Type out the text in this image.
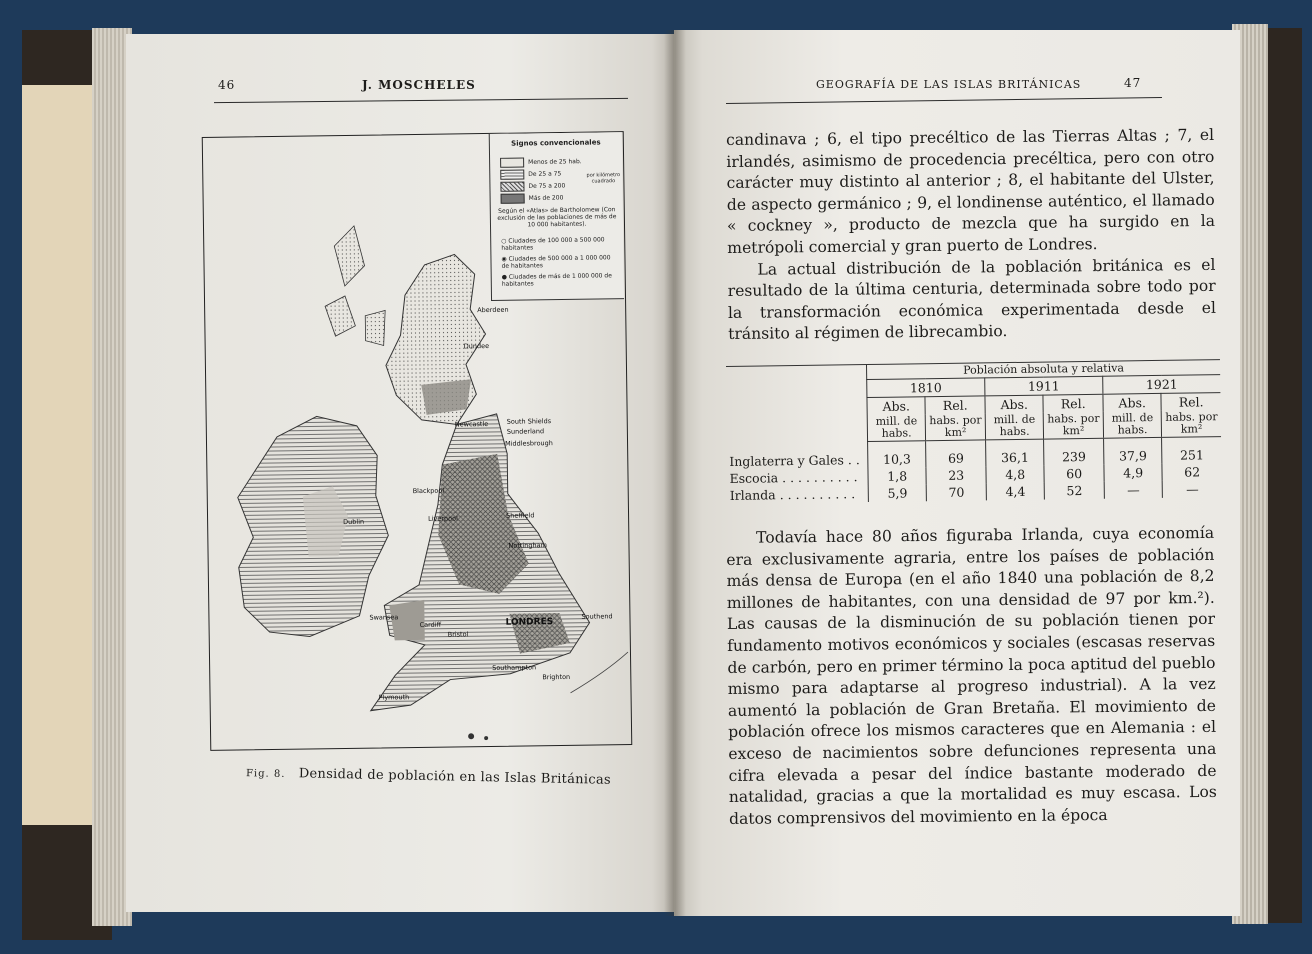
46	J. MOSCHELES
Signos convencionales
Menos de 25 hab.
De 25 a 75
De 75 a 200
Más de 200
por kilómetro cuadrado
Según el «Atlas» de Bartholomew (Con exclusión de las poblaciones de más de 10 000 habitantes).
○ Ciudades de 100 000 a 500 000 habitantes
◉ Ciudades de 500 000 a 1 000 000 de habitantes
● Ciudades de más de 1 000 000 de habitantes
Aberdeen
Dundee
Newcastle	South Shields
Sunderland
Middlesbrough
Blackpool
Liverpool	Sheffield
Nottingham
Dublin
Swansea
Cardiff
Bristol
LONDRES
Southend
Southampton
Brighton
Plymouth
Fig. 8. Densidad de población en las Islas Británicas
GEOGRAFÍA DE LAS ISLAS BRITÁNICAS	47

candinava ; 6, el tipo precéltico de las Tierras Altas ; 7, el irlandés, asimismo de procedencia precéltica, pero con otro carácter muy distinto al anterior ; 8, el habitante del Ulster, de aspecto germánico ; 9, el londinense auténtico, el llamado « cockney », producto de mezcla que ha surgido en la metrópoli comercial y gran puerto de Londres.

La actual distribución de la población británica es el resultado de la última centuria, determinada sobre todo por la transformación económica experimentada desde el tránsito al régimen de librecambio.

	Población absoluta y relativa					
	1810		1911		1921	
	Abs.	Rel.	Abs.	Rel.	Abs.	Rel.
	mill. de habs.	habs. por km²	mill. de habs.	habs. por km²	mill. de habs.	habs. por km²
Inglaterra y Gales . .	10,3	69	36,1	239	37,9	251
Escocia . . . . . . . . . .	1,8	23	4,8	60	4,9	62
Irlanda . . . . . . . . . .	5,9	70	4,4	52	—	—

Todavía hace 80 años figuraba Irlanda, cuya economía era exclusivamente agraria, entre los países de población más densa de Europa (en el año 1840 una población de 8,2 millones de habitantes, con una densidad de 97 por km.²). Las causas de la disminución de su población tienen por fundamento motivos económicos y sociales (escasas reservas de carbón, pero en primer término la poca aptitud del pueblo mismo para adaptarse al progreso industrial). A la vez aumentó la población de Gran Bretaña. El movimiento de población ofrece los mismos caracteres que en Alemania : el exceso de nacimientos sobre defunciones representa una cifra elevada a pesar del índice bastante moderado de natalidad, gracias a que la mortalidad es muy escasa. Los datos comprensivos del movimiento en la época
